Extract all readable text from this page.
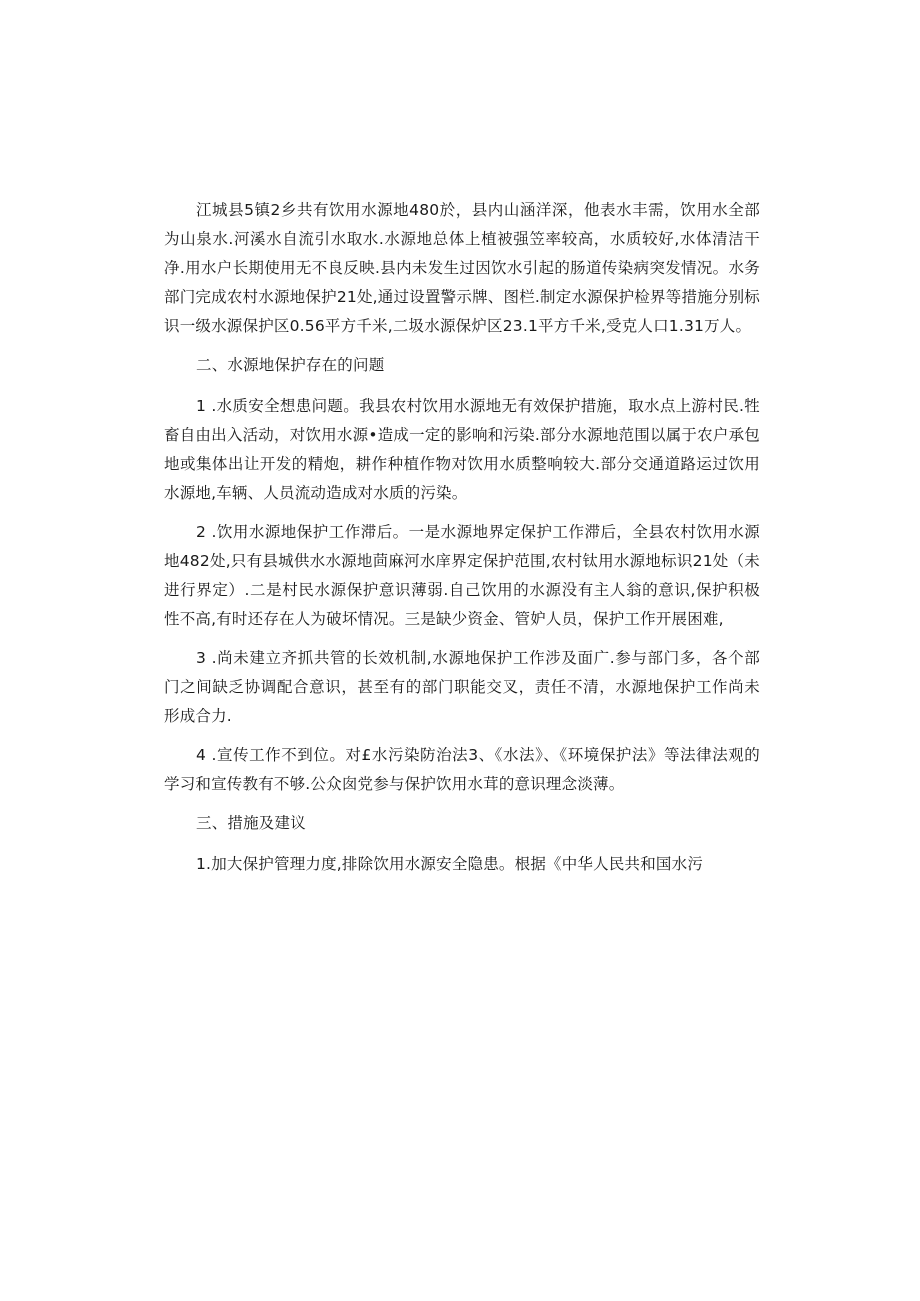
江城县5镇2乡共有饮用水源地480於，县内山涵洋深，他表水丰需，饮用水全部为山泉水.河溪水自流引水取水.水源地总体上植被强笠率较高，水质较好,水体清洁干净.用水户长期使用无不良反映.县内未发生过因饮水引起的肠道传染病突发情况。水务部门完成农村水源地保护21处,通过设置警示牌、图栏.制定水源保护检界等措施分别标识一级水源保护区0.56平方千米,二圾水源保炉区23.1平方千米,受克人口1.31万人。

二、水源地保护存在的问题

1 .水质安全想患问题。我县农村饮用水源地无有效保护措施，取水点上游村民.牲畜自由出入活动，对饮用水源•造成一定的影响和污染.部分水源地范围以属于农户承包地或集体出让开发的精炮，耕作种植作物对饮用水质整响较大.部分交通道路运过饮用水源地,车辆、人员流动造成对水质的污染。

2 .饮用水源地保护工作滞后。一是水源地界定保护工作滞后，全县农村饮用水源地482处,只有县城供水水源地茴麻河水庠界定保护范围,农村钛用水源地标识21处（未进行界定）.二是村民水源保护意识薄弱.自己饮用的水源没有主人翁的意识,保护积极性不高,有时还存在人为破坏情况。三是缺少资金、管妒人员，保护工作开展困难,

3 .尚未建立齐抓共管的长效机制,水源地保护工作涉及面广.参与部门多，各个部门之间缺乏协调配合意识，甚至有的部门职能交叉，责任不清，水源地保护工作尚未形成合力.

4 .宣传工作不到位。对£水污染防治法3、《水法》、《环境保护法》等法律法观的学习和宣传教有不够.公众囱党参与保护饮用水茸的意识理念淡薄。

三、措施及建议

1.加大保护管理力度,排除饮用水源安全隐患。根据《中华人民共和国水污
